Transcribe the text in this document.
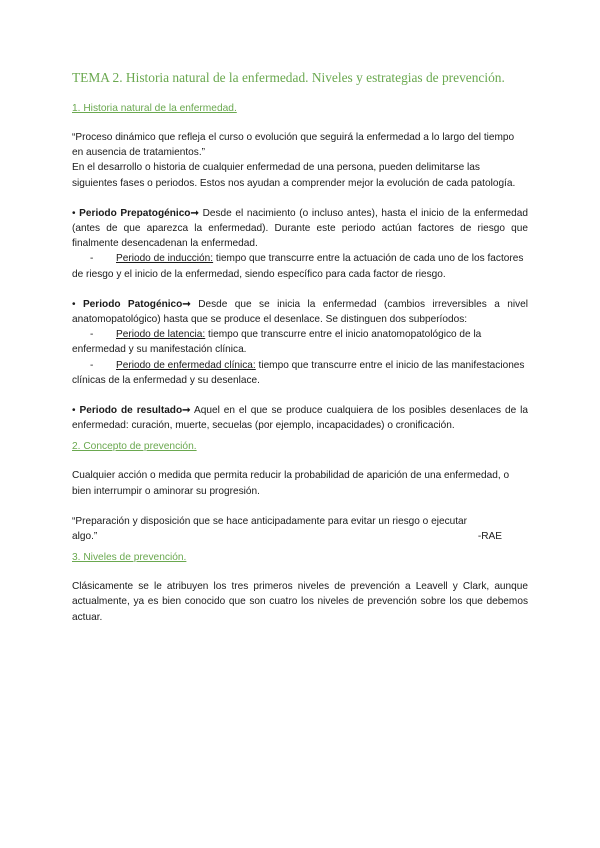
TEMA 2. Historia natural de la enfermedad. Niveles y estrategias de prevención.
1. Historia natural de la enfermedad.

“Proceso dinámico que refleja el curso o evolución que seguirá la enfermedad a lo largo del tiempo en ausencia de tratamientos.”

En el desarrollo o historia de cualquier enfermedad de una persona, pueden delimitarse las siguientes fases o periodos. Estos nos ayudan a comprender mejor la evolución de cada patología.

• Periodo Prepatogénico➞ Desde el nacimiento (o incluso antes), hasta el inicio de la enfermedad (antes de que aparezca la enfermedad). Durante este periodo actúan factores de riesgo que finalmente desencadenan la enfermedad.

- Periodo de inducción: tiempo que transcurre entre la actuación de cada uno de los factores de riesgo y el inicio de la enfermedad, siendo específico para cada factor de riesgo.

• Periodo Patogénico➞ Desde que se inicia la enfermedad (cambios irreversibles a nivel anatomopatológico) hasta que se produce el desenlace. Se distinguen dos subperíodos:

- Periodo de latencia: tiempo que transcurre entre el inicio anatomopatológico de la enfermedad y su manifestación clínica.

- Periodo de enfermedad clínica: tiempo que transcurre entre el inicio de las manifestaciones clínicas de la enfermedad y su desenlace.

• Periodo de resultado➞ Aquel en el que se produce cualquiera de los posibles desenlaces de la enfermedad: curación, muerte, secuelas (por ejemplo, incapacidades) o cronificación.

2. Concepto de prevención.

Cualquier acción o medida que permita reducir la probabilidad de aparición de una enfermedad, o bien interrumpir o aminorar su progresión.

“Preparación y disposición que se hace anticipadamente para evitar un riesgo o ejecutar

algo.”	-RAE

3. Niveles de prevención.

Clásicamente se le atribuyen los tres primeros niveles de prevención a Leavell y Clark, aunque actualmente, ya es bien conocido que son cuatro los niveles de prevención sobre los que debemos actuar.
